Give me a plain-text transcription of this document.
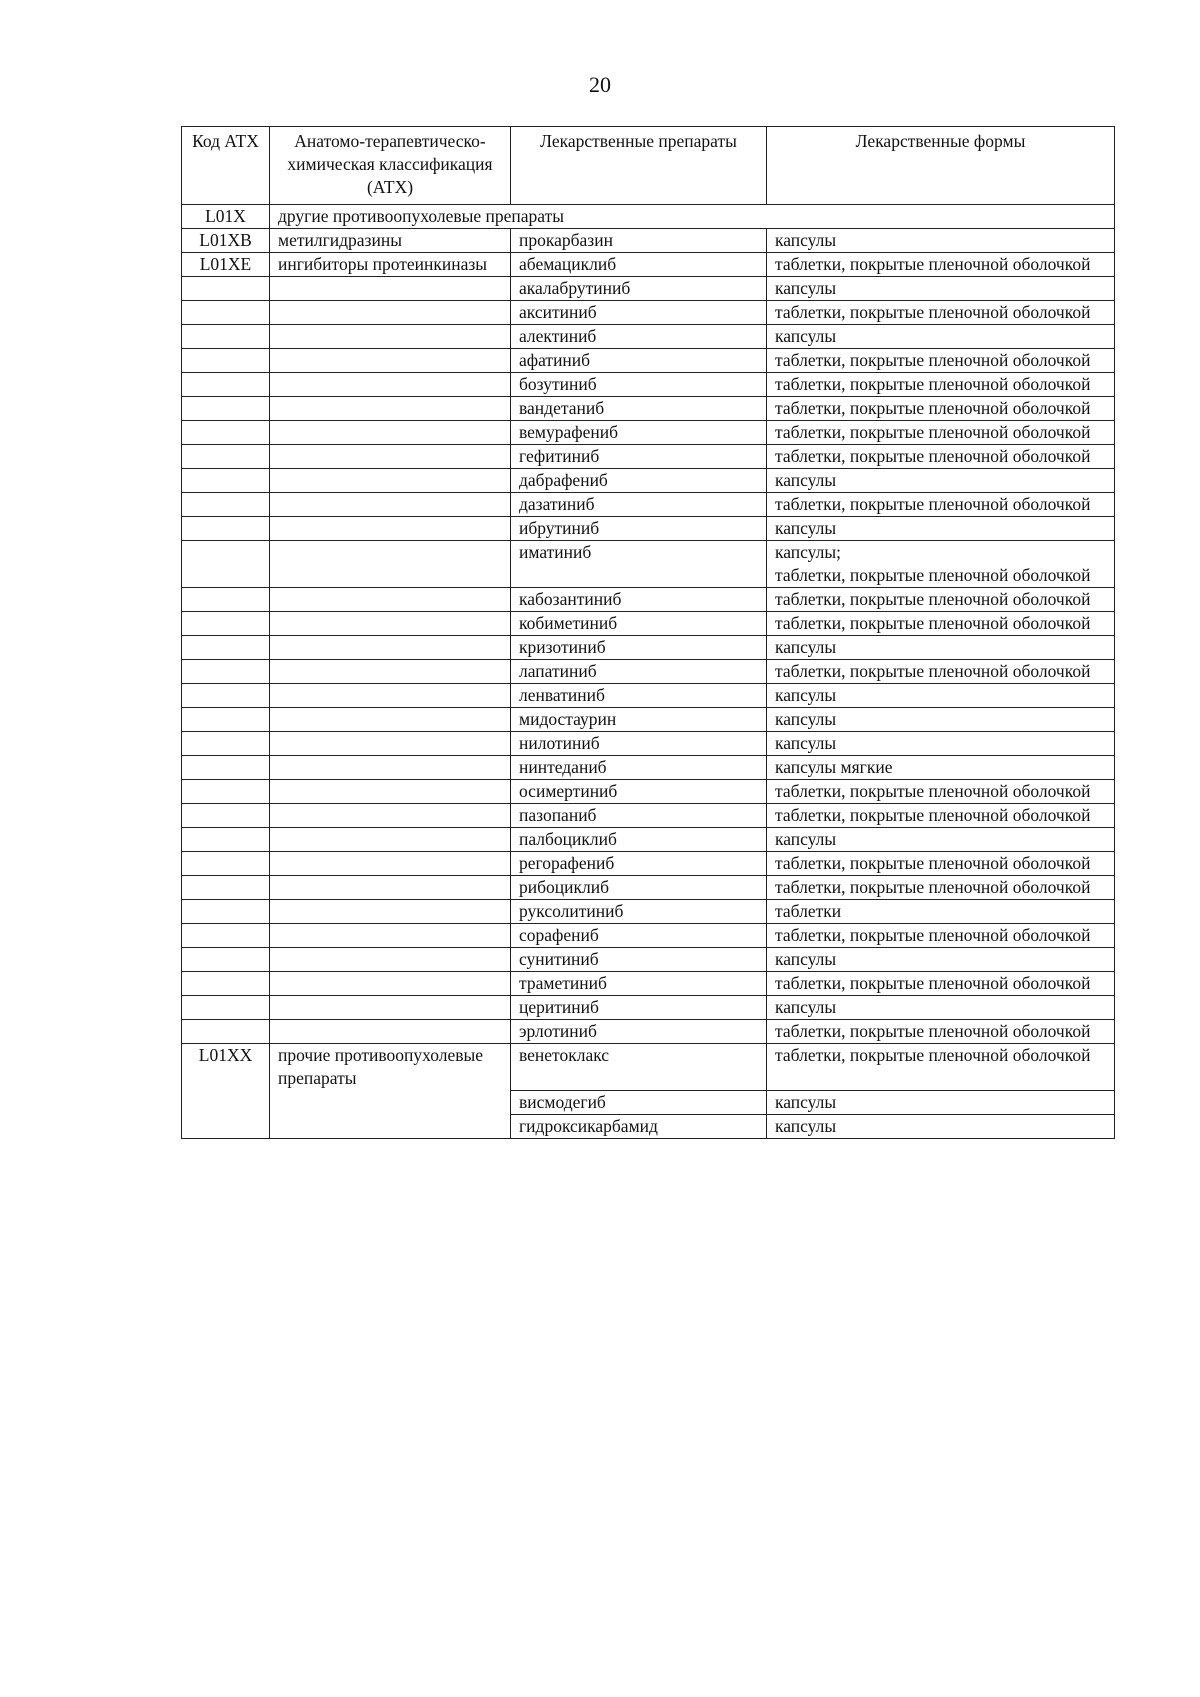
20
Код АТХ	Анатомо-терапевтическо-химическая классификация (АТХ)	Лекарственные препараты	Лекарственные формы
L01X	другие противоопухолевые препараты		
L01XB	метилгидразины	прокарбазин	капсулы
L01XE	ингибиторы протеинкиназы	абемациклиб	таблетки, покрытые пленочной оболочкой
		акалабрутиниб	капсулы
		акситиниб	таблетки, покрытые пленочной оболочкой
		алектиниб	капсулы
		афатиниб	таблетки, покрытые пленочной оболочкой
		бозутиниб	таблетки, покрытые пленочной оболочкой
		вандетаниб	таблетки, покрытые пленочной оболочкой
		вемурафениб	таблетки, покрытые пленочной оболочкой
		гефитиниб	таблетки, покрытые пленочной оболочкой
		дабрафениб	капсулы
		дазатиниб	таблетки, покрытые пленочной оболочкой
		ибрутиниб	капсулы
		иматиниб	капсулы;
таблетки, покрытые пленочной оболочкой
		кабозантиниб	таблетки, покрытые пленочной оболочкой
		кобиметиниб	таблетки, покрытые пленочной оболочкой
		кризотиниб	капсулы
		лапатиниб	таблетки, покрытые пленочной оболочкой
		ленватиниб	капсулы
		мидостаурин	капсулы
		нилотиниб	капсулы
		нинтеданиб	капсулы мягкие
		осимертиниб	таблетки, покрытые пленочной оболочкой
		пазопаниб	таблетки, покрытые пленочной оболочкой
		палбоциклиб	капсулы
		регорафениб	таблетки, покрытые пленочной оболочкой
		рибоциклиб	таблетки, покрытые пленочной оболочкой
		руксолитиниб	таблетки
		сорафениб	таблетки, покрытые пленочной оболочкой
		сунитиниб	капсулы
		траметиниб	таблетки, покрытые пленочной оболочкой
		церитиниб	капсулы
		эрлотиниб	таблетки, покрытые пленочной оболочкой
L01XX	прочие противоопухолевые препараты	венетоклакс	таблетки, покрытые пленочной оболочкой
		висмодегиб	капсулы
		гидроксикарбамид	капсулы
